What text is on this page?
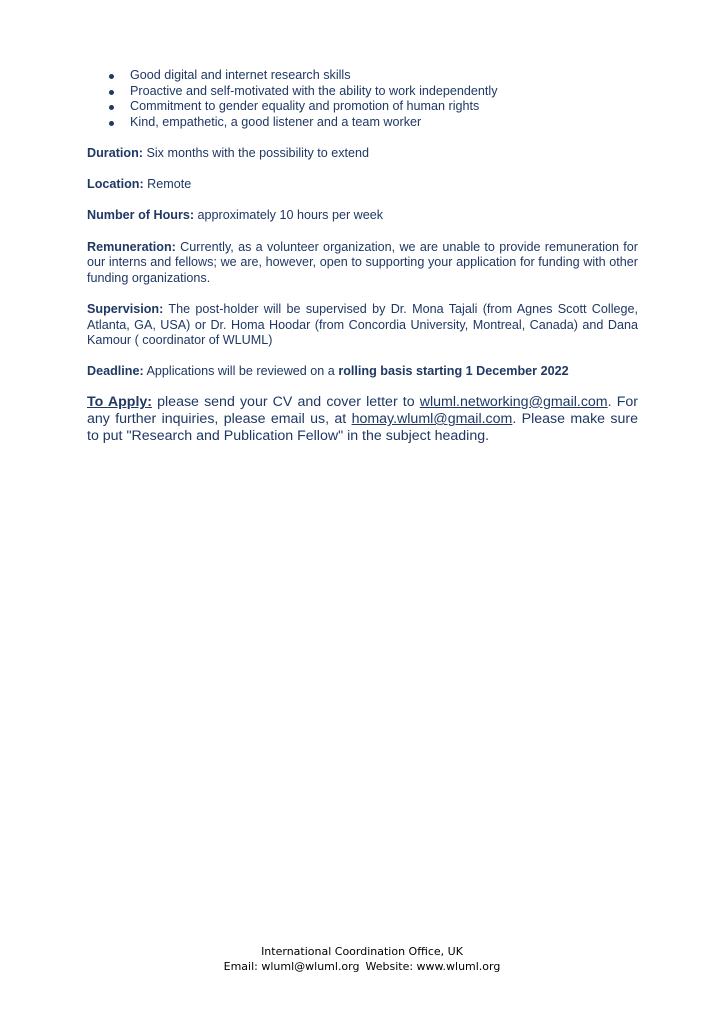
Good digital and internet research skills
Proactive and self-motivated with the ability to work independently
Commitment to gender equality and promotion of human rights
Kind, empathetic, a good listener and a team worker

Duration: Six months with the possibility to extend

Location: Remote

Number of Hours: approximately 10 hours per week

Remuneration: Currently, as a volunteer organization, we are unable to provide remuneration for our interns and fellows; we are, however, open to supporting your application for funding with other funding organizations.

Supervision: The post-holder will be supervised by Dr. Mona Tajali (from Agnes Scott College, Atlanta, GA, USA) or Dr. Homa Hoodar (from Concordia University, Montreal, Canada) and Dana Kamour ( coordinator of WLUML)

Deadline: Applications will be reviewed on a rolling basis starting 1 December 2022

To Apply: please send your CV and cover letter to wluml.networking@gmail.com. For any further inquiries, please email us, at homay.wluml@gmail.com. Please make sure to put "Research and Publication Fellow" in the subject heading.

International Coordination Office, UK
Email: wluml@wluml.org Website: www.wluml.org
